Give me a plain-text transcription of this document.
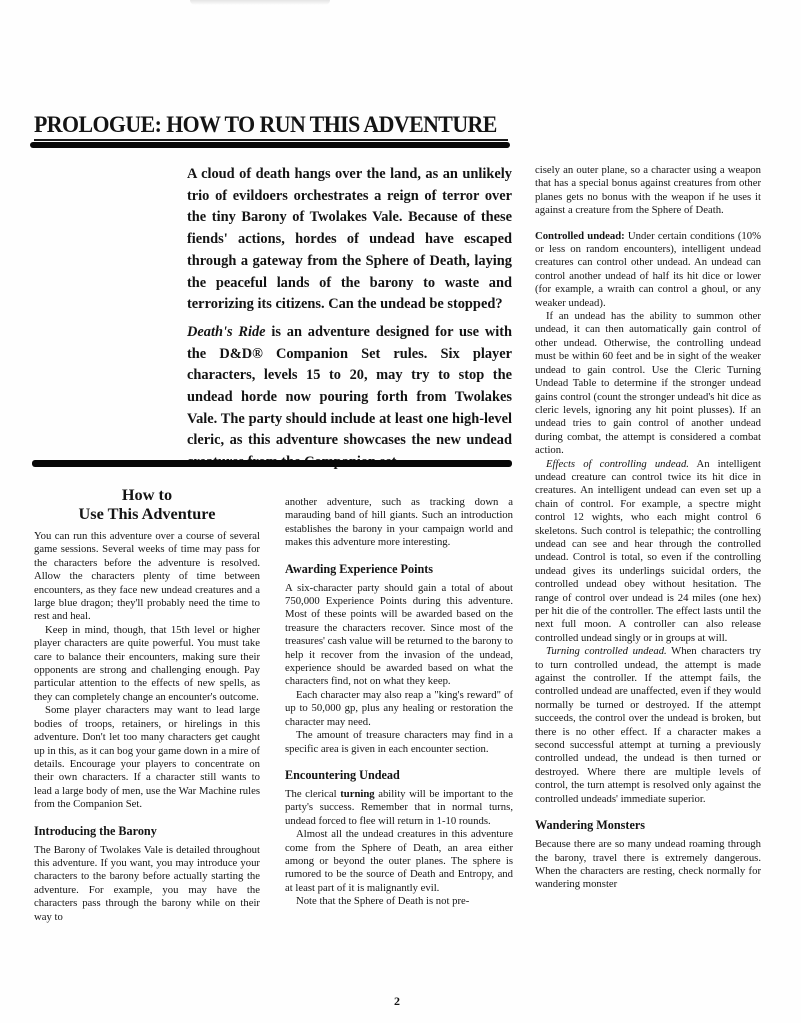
PROLOGUE: HOW TO RUN THIS ADVENTURE

A cloud of death hangs over the land, as an unlikely trio of evildoers orchestrates a reign of terror over the tiny Barony of Twolakes Vale. Because of these fiends' actions, hordes of undead have escaped through a gateway from the Sphere of Death, laying the peaceful lands of the barony to waste and terrorizing its citizens. Can the undead be stopped?

Death's Ride is an adventure designed for use with the D&D® Companion Set rules. Six player characters, levels 15 to 20, may try to stop the undead horde now pouring forth from Twolakes Vale. The party should include at least one high-level cleric, as this adventure showcases the new undead

How to
Use This Adventure

You can run this adventure over a course of several game sessions. Several weeks of time may pass for the characters before the adventure is resolved. Allow the characters plenty of time between encounters, as they face new undead creatures and a large blue dragon; they'll probably need the time to rest and heal.

Keep in mind, though, that 15th level or higher player characters are quite powerful. You must take care to balance their encounters, making sure their opponents are strong and challenging enough. Pay particular attention to the effects of new spells, as they can completely change an encounter's outcome.

Some player characters may want to lead large bodies of troops, retainers, or hirelings in this adventure. Don't let too many characters get caught up in this, as it can bog your game down in a mire of details. Encourage your players to concentrate on their own characters. If a character still wants to lead a large body of men, use the War Machine rules from the Companion Set.

Introducing the Barony

The Barony of Twolakes Vale is detailed throughout this adventure. If you want, you may introduce your characters to the barony before actually starting the adventure. For example, you may have the characters pass through the barony while on their way to

another adventure, such as tracking down a marauding band of hill giants. Such an introduction establishes the barony in your campaign world and makes this adventure more interesting.

Awarding Experience Points

A six-character party should gain a total of about 750,000 Experience Points during this adventure. Most of these points will be awarded based on the treasure the characters recover. Since most of the treasures' cash value will be returned to the barony to help it recover from the invasion of the undead, experience should be awarded based on what the characters find, not on what they keep.

Each character may also reap a "king's reward" of up to 50,000 gp, plus any healing or restoration the character may need.

The amount of treasure characters may find in a specific area is given in each encounter section.

Encountering Undead

The clerical turning ability will be important to the party's success. Remember that in normal turns, undead forced to flee will return in 1-10 rounds.

Almost all the undead creatures in this adventure come from the Sphere of Death, an area either among or beyond the outer planes. The sphere is rumored to be the source of Death and Entropy, and at least part of it is malignantly evil.

Note that the Sphere of Death is not pre-

cisely an outer plane, so a character using a weapon that has a special bonus against creatures from other planes gets no bonus with the weapon if he uses it against a creature from the Sphere of Death.

Controlled undead: Under certain conditions (10% or less on random encounters), intelligent undead creatures can control other undead. An undead can control another undead of half its hit dice or lower (for example, a wraith can control a ghoul, or any weaker undead).

If an undead has the ability to summon other undead, it can then automatically gain control of other undead. Otherwise, the controlling undead must be within 60 feet and be in sight of the weaker undead to gain control. Use the Cleric Turning Undead Table to determine if the stronger undead gains control (count the stronger undead's hit dice as cleric levels, ignoring any hit point plusses). If an undead tries to gain control of another undead during combat, the attempt is considered a combat action.

Effects of controlling undead. An intelligent undead creature can control twice its hit dice in creatures. An intelligent undead can even set up a chain of control. For example, a spectre might control 12 wights, who each might control 6 skeletons. Such control is telepathic; the controlling undead can see and hear through the controlled undead. Control is total, so even if the controlling undead gives its underlings suicidal orders, the controlled undead obey without hesitation. The range of control over undead is 24 miles (one hex) per hit die of the controller. The effect lasts until the next full moon. A controller can also release controlled undead singly or in groups at will.

Turning controlled undead. When characters try to turn controlled undead, the attempt is made against the controller. If the attempt fails, the controlled undead are unaffected, even if they would normally be turned or destroyed. If the attempt succeeds, the control over the undead is broken, but there is no other effect. If a character makes a second successful attempt at turning a previously controlled undead, the undead is then turned or destroyed. Where there are multiple levels of control, the turn attempt is resolved only against the controlled undeads' immediate superior.

Wandering Monsters

Because there are so many undead roaming through the barony, travel there is extremely dangerous. When the characters are resting, check normally for wandering monster

2
